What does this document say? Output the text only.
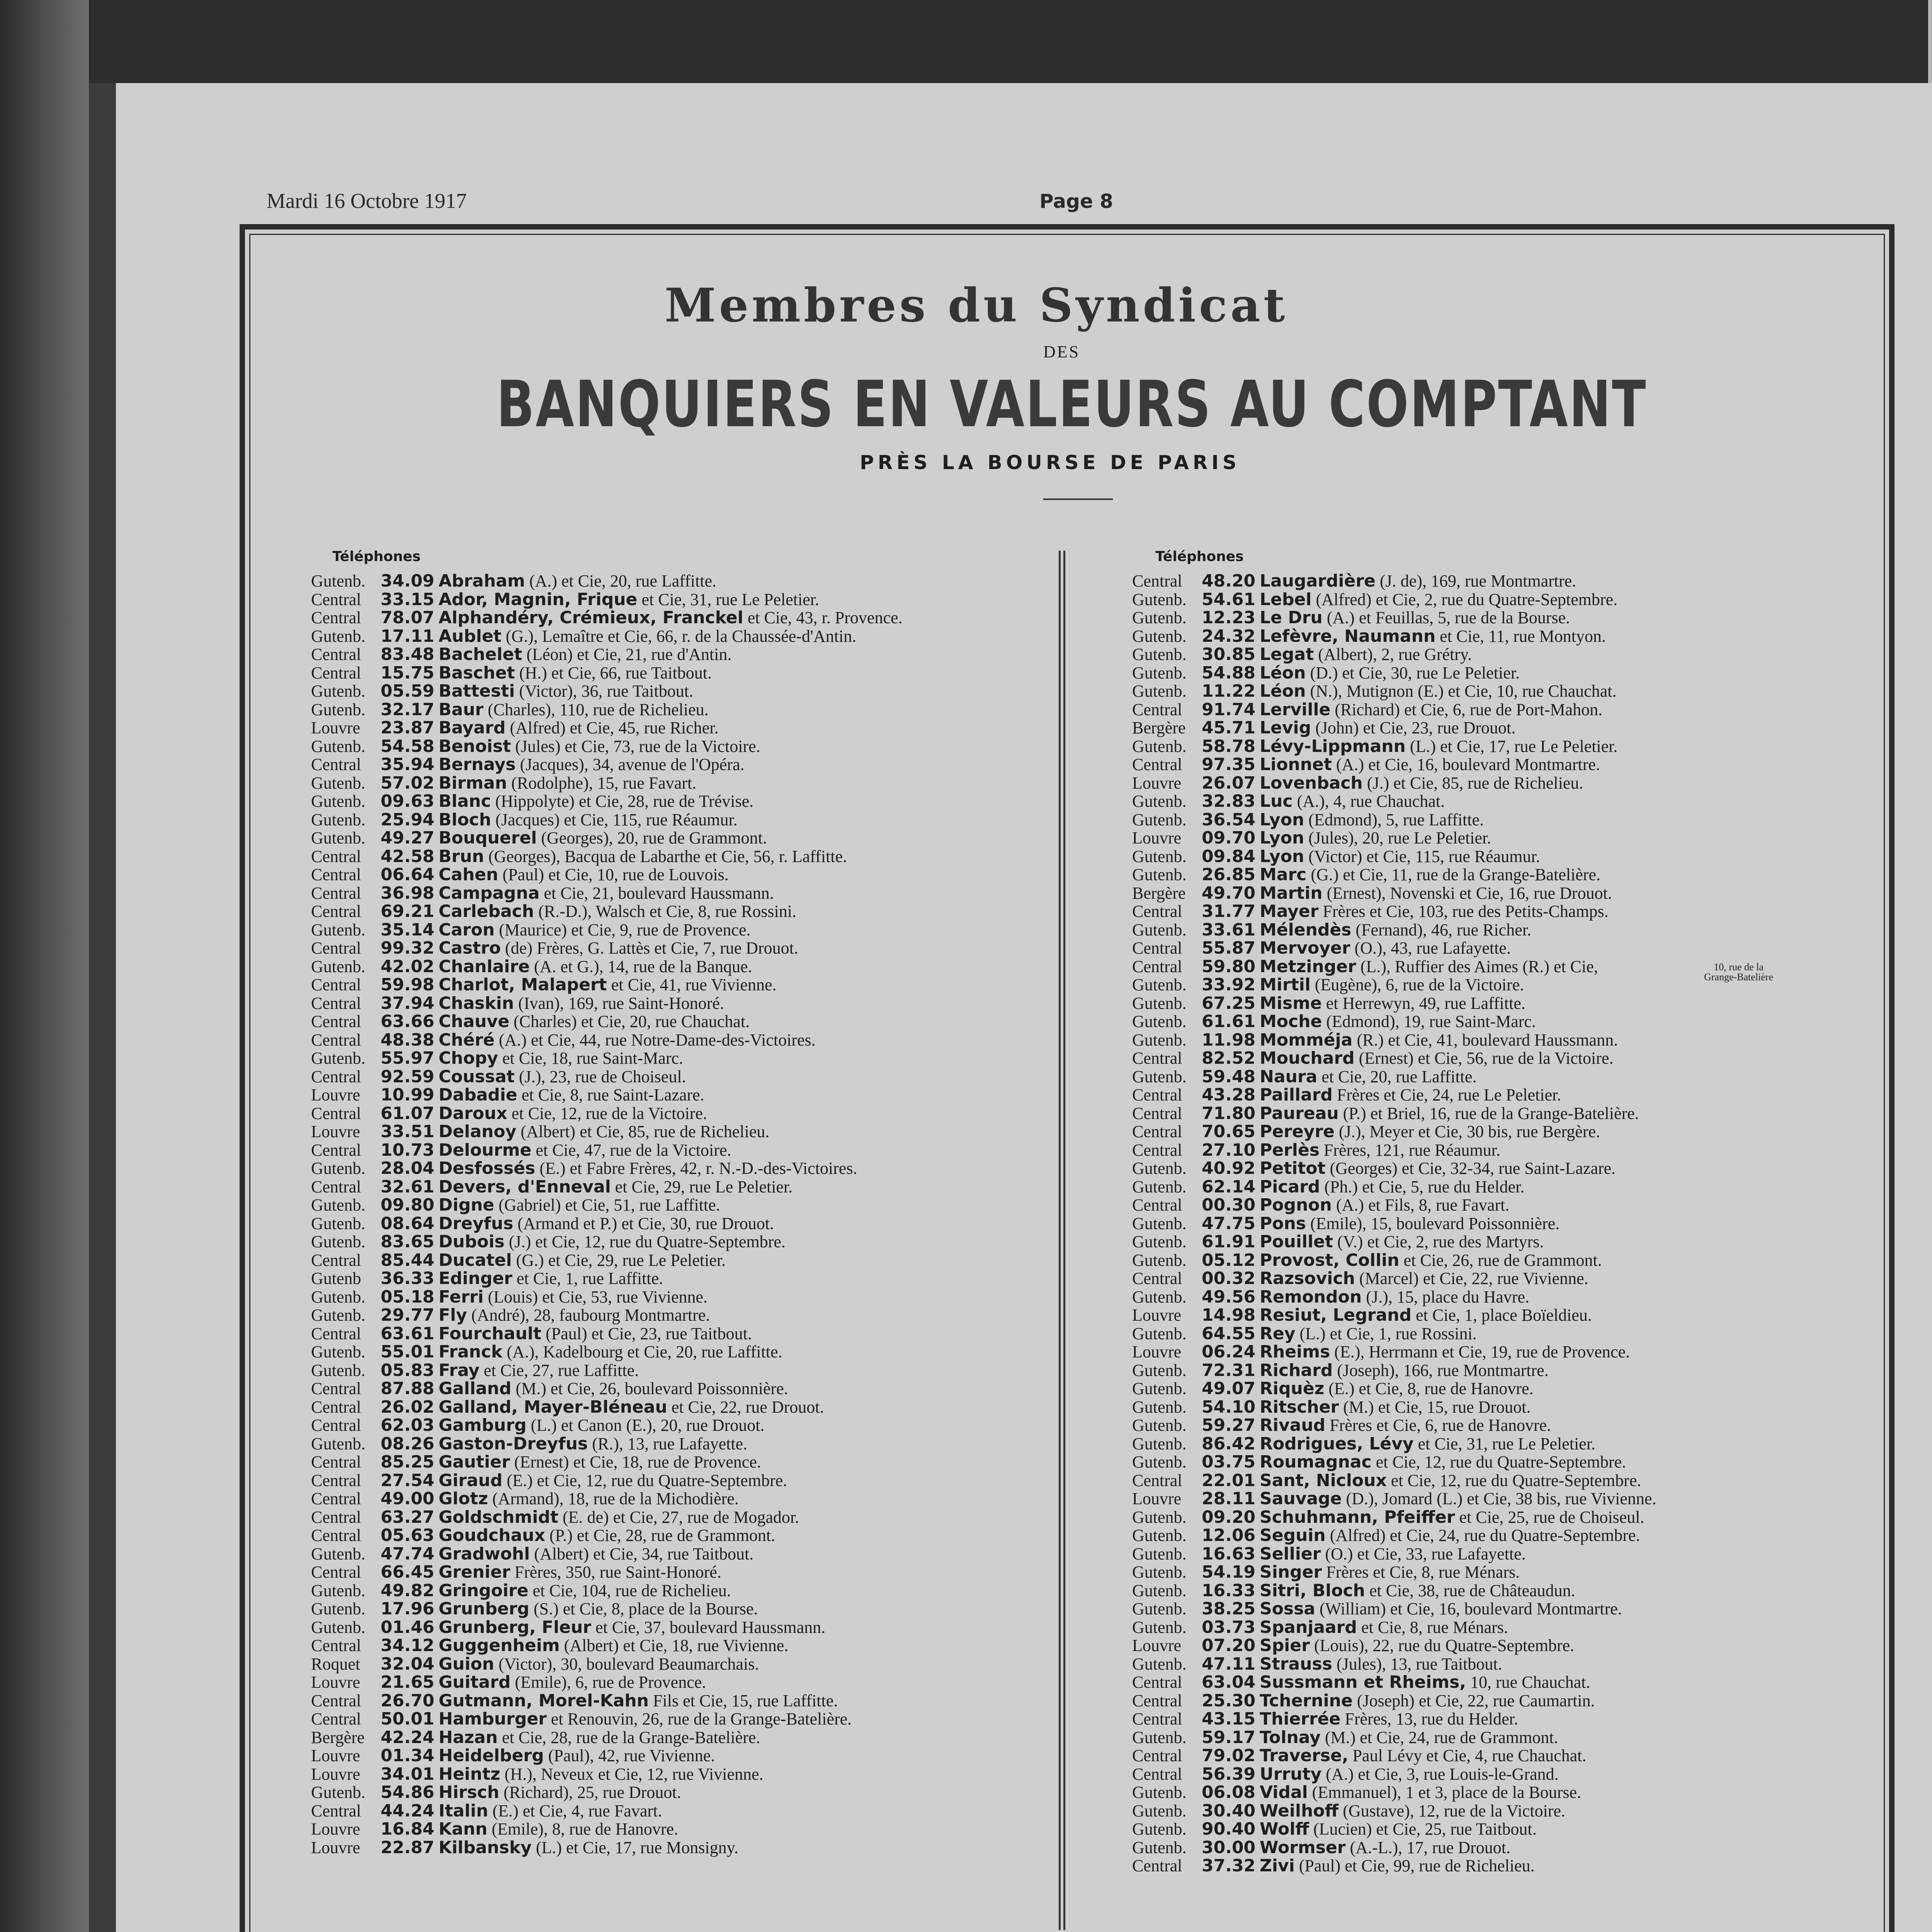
Mardi 16 Octobre 1917	Page 8
Membres du Syndicat
DES
BANQUIERS EN VALEURS AU COMPTANT
PRÈS LA BOURSE DE PARIS
Téléphones	Téléphones
Gutenb. 34.09 Abraham (A.) et Cie, 20, rue Laffitte.
Central 33.15 Ador, Magnin, Frique et Cie, 31, rue Le Peletier.
Central 78.07 Alphandéry, Crémieux, Franckel et Cie, 43, r. Provence.
Gutenb. 17.11 Aublet (G.), Lemaître et Cie, 66, r. de la Chaussée-d'Antin.
Central 83.48 Bachelet (Léon) et Cie, 21, rue d'Antin.
Central 15.75 Baschet (H.) et Cie, 66, rue Taitbout.
Gutenb. 05.59 Battesti (Victor), 36, rue Taitbout.
Gutenb. 32.17 Baur (Charles), 110, rue de Richelieu.
Louvre 23.87 Bayard (Alfred) et Cie, 45, rue Richer.
Gutenb. 54.58 Benoist (Jules) et Cie, 73, rue de la Victoire.
Central 35.94 Bernays (Jacques), 34, avenue de l'Opéra.
Gutenb. 57.02 Birman (Rodolphe), 15, rue Favart.
Gutenb. 09.63 Blanc (Hippolyte) et Cie, 28, rue de Trévise.
Gutenb. 25.94 Bloch (Jacques) et Cie, 115, rue Réaumur.
Gutenb. 49.27 Bouquerel (Georges), 20, rue de Grammont.
Central 42.58 Brun (Georges), Bacqua de Labarthe et Cie, 56, r. Laffitte.
Central 06.64 Cahen (Paul) et Cie, 10, rue de Louvois.
Central 36.98 Campagna et Cie, 21, boulevard Haussmann.
Central 69.21 Carlebach (R.-D.), Walsch et Cie, 8, rue Rossini.
Gutenb. 35.14 Caron (Maurice) et Cie, 9, rue de Provence.
Central 99.32 Castro (de) Frères, G. Lattès et Cie, 7, rue Drouot.
Gutenb. 42.02 Chanlaire (A. et G.), 14, rue de la Banque.
Central 59.98 Charlot, Malapert et Cie, 41, rue Vivienne.
Central 37.94 Chaskin (Ivan), 169, rue Saint-Honoré.
Central 63.66 Chauve (Charles) et Cie, 20, rue Chauchat.
Central 48.38 Chéré (A.) et Cie, 44, rue Notre-Dame-des-Victoires.
Gutenb. 55.97 Chopy et Cie, 18, rue Saint-Marc.
Central 92.59 Coussat (J.), 23, rue de Choiseul.
Louvre 10.99 Dabadie et Cie, 8, rue Saint-Lazare.
Central 61.07 Daroux et Cie, 12, rue de la Victoire.
Louvre 33.51 Delanoy (Albert) et Cie, 85, rue de Richelieu.
Central 10.73 Delourme et Cie, 47, rue de la Victoire.
Gutenb. 28.04 Desfossés (E.) et Fabre Frères, 42, r. N.-D.-des-Victoires.
Central 32.61 Devers, d'Enneval et Cie, 29, rue Le Peletier.
Gutenb. 09.80 Digne (Gabriel) et Cie, 51, rue Laffitte.
Gutenb. 08.64 Dreyfus (Armand et P.) et Cie, 30, rue Drouot.
Gutenb. 83.65 Dubois (J.) et Cie, 12, rue du Quatre-Septembre.
Central 85.44 Ducatel (G.) et Cie, 29, rue Le Peletier.
Gutenb 36.33 Edinger et Cie, 1, rue Laffitte.
Gutenb. 05.18 Ferri (Louis) et Cie, 53, rue Vivienne.
Gutenb. 29.77 Fly (André), 28, faubourg Montmartre.
Central 63.61 Fourchault (Paul) et Cie, 23, rue Taitbout.
Gutenb. 55.01 Franck (A.), Kadelbourg et Cie, 20, rue Laffitte.
Gutenb. 05.83 Fray et Cie, 27, rue Laffitte.
Central 87.88 Galland (M.) et Cie, 26, boulevard Poissonnière.
Central 26.02 Galland, Mayer-Bléneau et Cie, 22, rue Drouot.
Central 62.03 Gamburg (L.) et Canon (E.), 20, rue Drouot.
Gutenb. 08.26 Gaston-Dreyfus (R.), 13, rue Lafayette.
Central 85.25 Gautier (Ernest) et Cie, 18, rue de Provence.
Central 27.54 Giraud (E.) et Cie, 12, rue du Quatre-Septembre.
Central 49.00 Glotz (Armand), 18, rue de la Michodière.
Central 63.27 Goldschmidt (E. de) et Cie, 27, rue de Mogador.
Central 05.63 Goudchaux (P.) et Cie, 28, rue de Grammont.
Gutenb. 47.74 Gradwohl (Albert) et Cie, 34, rue Taitbout.
Central 66.45 Grenier Frères, 350, rue Saint-Honoré.
Gutenb. 49.82 Gringoire et Cie, 104, rue de Richelieu.
Gutenb. 17.96 Grunberg (S.) et Cie, 8, place de la Bourse.
Gutenb. 01.46 Grunberg, Fleur et Cie, 37, boulevard Haussmann.
Central 34.12 Guggenheim (Albert) et Cie, 18, rue Vivienne.
Roquet 32.04 Guion (Victor), 30, boulevard Beaumarchais.
Louvre 21.65 Guitard (Emile), 6, rue de Provence.
Central 26.70 Gutmann, Morel-Kahn Fils et Cie, 15, rue Laffitte.
Central 50.01 Hamburger et Renouvin, 26, rue de la Grange-Batelière.
Bergère 42.24 Hazan et Cie, 28, rue de la Grange-Batelière.
Louvre 01.34 Heidelberg (Paul), 42, rue Vivienne.
Louvre 34.01 Heintz (H.), Neveux et Cie, 12, rue Vivienne.
Gutenb. 54.86 Hirsch (Richard), 25, rue Drouot.
Central 44.24 Italin (E.) et Cie, 4, rue Favart.
Louvre 16.84 Kann (Emile), 8, rue de Hanovre.
Louvre 22.87 Kilbansky (L.) et Cie, 17, rue Monsigny.
Central 48.20 Laugardière (J. de), 169, rue Montmartre.
Gutenb. 54.61 Lebel (Alfred) et Cie, 2, rue du Quatre-Septembre.
Gutenb. 12.23 Le Dru (A.) et Feuillas, 5, rue de la Bourse.
Gutenb. 24.32 Lefèvre, Naumann et Cie, 11, rue Montyon.
Gutenb. 30.85 Legat (Albert), 2, rue Grétry.
Gutenb. 54.88 Léon (D.) et Cie, 30, rue Le Peletier.
Gutenb. 11.22 Léon (N.), Mutignon (E.) et Cie, 10, rue Chauchat.
Central 91.74 Lerville (Richard) et Cie, 6, rue de Port-Mahon.
Bergère 45.71 Levig (John) et Cie, 23, rue Drouot.
Gutenb. 58.78 Lévy-Lippmann (L.) et Cie, 17, rue Le Peletier.
Central 97.35 Lionnet (A.) et Cie, 16, boulevard Montmartre.
Louvre 26.07 Lovenbach (J.) et Cie, 85, rue de Richelieu.
Gutenb. 32.83 Luc (A.), 4, rue Chauchat.
Gutenb. 36.54 Lyon (Edmond), 5, rue Laffitte.
Louvre 09.70 Lyon (Jules), 20, rue Le Peletier.
Gutenb. 09.84 Lyon (Victor) et Cie, 115, rue Réaumur.
Gutenb. 26.85 Marc (G.) et Cie, 11, rue de la Grange-Batelière.
Bergère 49.70 Martin (Ernest), Novenski et Cie, 16, rue Drouot.
Central 31.77 Mayer Frères et Cie, 103, rue des Petits-Champs.
Gutenb. 33.61 Mélendès (Fernand), 46, rue Richer.
Central 55.87 Mervoyer (O.), 43, rue Lafayette.
Central 59.80 Metzinger (L.), Ruffier des Aimes (R.) et Cie,
Gutenb. 33.92 Mirtil (Eugène), 6, rue de la Victoire.
Gutenb. 67.25 Misme et Herrewyn, 49, rue Laffitte.
Gutenb. 61.61 Moche (Edmond), 19, rue Saint-Marc.
Gutenb. 11.98 Momméja (R.) et Cie, 41, boulevard Haussmann.
Central 82.52 Mouchard (Ernest) et Cie, 56, rue de la Victoire.
Gutenb. 59.48 Naura et Cie, 20, rue Laffitte.
Central 43.28 Paillard Frères et Cie, 24, rue Le Peletier.
Central 71.80 Paureau (P.) et Briel, 16, rue de la Grange-Batelière.
Central 70.65 Pereyre (J.), Meyer et Cie, 30 bis, rue Bergère.
Central 27.10 Perlès Frères, 121, rue Réaumur.
Gutenb. 40.92 Petitot (Georges) et Cie, 32-34, rue Saint-Lazare.
Gutenb. 62.14 Picard (Ph.) et Cie, 5, rue du Helder.
Central 00.30 Pognon (A.) et Fils, 8, rue Favart.
Gutenb. 47.75 Pons (Emile), 15, boulevard Poissonnière.
Gutenb. 61.91 Pouillet (V.) et Cie, 2, rue des Martyrs.
Gutenb. 05.12 Provost, Collin et Cie, 26, rue de Grammont.
Central 00.32 Razsovich (Marcel) et Cie, 22, rue Vivienne.
Gutenb. 49.56 Remondon (J.), 15, place du Havre.
Louvre 14.98 Resiut, Legrand et Cie, 1, place Boïeldieu.
Gutenb. 64.55 Rey (L.) et Cie, 1, rue Rossini.
Louvre 06.24 Rheims (E.), Herrmann et Cie, 19, rue de Provence.
Gutenb. 72.31 Richard (Joseph), 166, rue Montmartre.
Gutenb. 49.07 Riquèz (E.) et Cie, 8, rue de Hanovre.
Gutenb. 54.10 Ritscher (M.) et Cie, 15, rue Drouot.
Gutenb. 59.27 Rivaud Frères et Cie, 6, rue de Hanovre.
Gutenb. 86.42 Rodrigues, Lévy et Cie, 31, rue Le Peletier.
Gutenb. 03.75 Roumagnac et Cie, 12, rue du Quatre-Septembre.
Central 22.01 Sant, Nicloux et Cie, 12, rue du Quatre-Septembre.
Louvre 28.11 Sauvage (D.), Jomard (L.) et Cie, 38 bis, rue Vivienne.
Gutenb. 09.20 Schuhmann, Pfeiffer et Cie, 25, rue de Choiseul.
Gutenb. 12.06 Seguin (Alfred) et Cie, 24, rue du Quatre-Septembre.
Gutenb. 16.63 Sellier (O.) et Cie, 33, rue Lafayette.
Gutenb. 54.19 Singer Frères et Cie, 8, rue Ménars.
Gutenb. 16.33 Sitri, Bloch et Cie, 38, rue de Châteaudun.
Gutenb. 38.25 Sossa (William) et Cie, 16, boulevard Montmartre.
Gutenb. 03.73 Spanjaard et Cie, 8, rue Ménars.
Louvre 07.20 Spier (Louis), 22, rue du Quatre-Septembre.
Gutenb. 47.11 Strauss (Jules), 13, rue Taitbout.
Central 63.04 Sussmann et Rheims, 10, rue Chauchat.
Central 25.30 Tchernine (Joseph) et Cie, 22, rue Caumartin.
Central 43.15 Thierrée Frères, 13, rue du Helder.
Gutenb. 59.17 Tolnay (M.) et Cie, 24, rue de Grammont.
Central 79.02 Traverse, Paul Lévy et Cie, 4, rue Chauchat.
Central 56.39 Urruty (A.) et Cie, 3, rue Louis-le-Grand.
Gutenb. 06.08 Vidal (Emmanuel), 1 et 3, place de la Bourse.
Gutenb. 30.40 Weilhoff (Gustave), 12, rue de la Victoire.
Gutenb. 90.40 Wolff (Lucien) et Cie, 25, rue Taitbout.
Gutenb. 30.00 Wormser (A.-L.), 17, rue Drouot.
Central 37.32 Zivi (Paul) et Cie, 99, rue de Richelieu.
10, rue de la
Grange-Batelière
